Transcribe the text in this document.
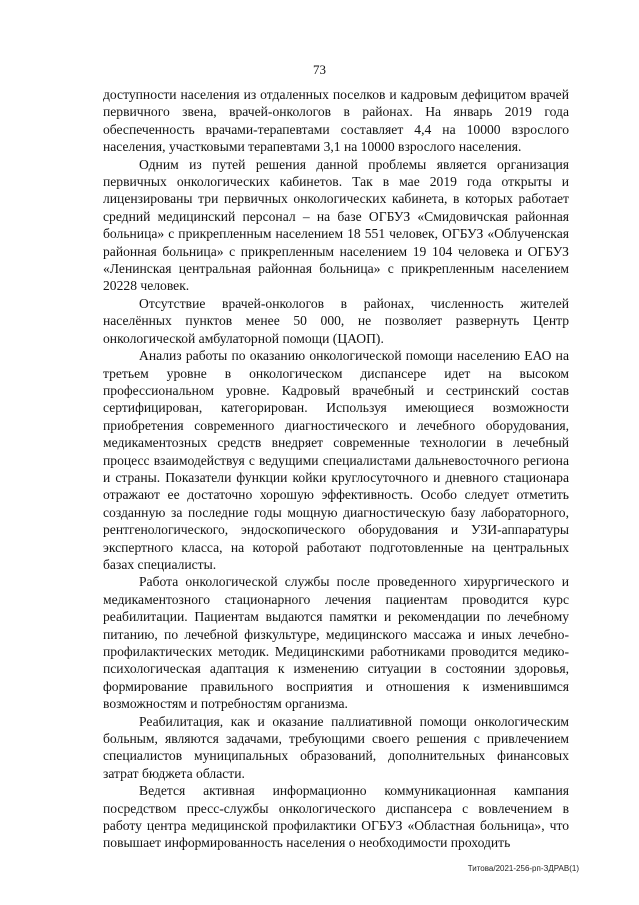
73

доступности населения из отдаленных поселков и кадровым дефицитом врачей первичного звена, врачей-онкологов в районах. На январь 2019 года обеспеченность врачами-терапевтами составляет 4,4 на 10000 взрослого населения, участковыми терапевтами 3,1 на 10000 взрослого населения.

Одним из путей решения данной проблемы является организация первичных онкологических кабинетов. Так в мае 2019 года открыты и лицензированы три первичных онкологических кабинета, в которых работает средний медицинский персонал – на базе ОГБУЗ «Смидовичская районная больница» с прикрепленным населением 18 551 человек, ОГБУЗ «Облученская районная больница» с прикрепленным населением 19 104 человека и ОГБУЗ «Ленинская центральная районная больница» с прикрепленным населением 20228 человек.

Отсутствие врачей-онкологов в районах, численность жителей населённых пунктов менее 50 000, не позволяет развернуть Центр онкологической амбулаторной помощи (ЦАОП).

Анализ работы по оказанию онкологической помощи населению ЕАО на третьем уровне в онкологическом диспансере идет на высоком профессиональном уровне. Кадровый врачебный и сестринский состав сертифицирован, категорирован. Используя имеющиеся возможности приобретения современного диагностического и лечебного оборудования, медикаментозных средств внедряет современные технологии в лечебный процесс взаимодействуя с ведущими специалистами дальневосточного региона и страны. Показатели функции койки круглосуточного и дневного стационара отражают ее достаточно хорошую эффективность. Особо следует отметить созданную за последние годы мощную диагностическую базу лабораторного, рентгенологического, эндоскопического оборудования и УЗИ-аппаратуры экспертного класса, на которой работают подготовленные на центральных базах специалисты.

Работа онкологической службы после проведенного хирургического и медикаментозного стационарного лечения пациентам проводится курс реабилитации. Пациентам выдаются памятки и рекомендации по лечебному питанию, по лечебной физкультуре, медицинского массажа и иных лечебно-профилактических методик. Медицинскими работниками проводится медико-психологическая адаптация к изменению ситуации в состоянии здоровья, формирование правильного восприятия и отношения к изменившимся возможностям и потребностям организма.

Реабилитация, как и оказание паллиативной помощи онкологическим больным, являются задачами, требующими своего решения с привлечением специалистов муниципальных образований, дополнительных финансовых затрат бюджета области.

Ведется активная информационно коммуникационная кампания посредством пресс-службы онкологического диспансера с вовлечением в работу центра медицинской профилактики ОГБУЗ «Областная больница», что повышает информированность населения о необходимости проходить

Титова/2021-256-рп-ЗДРАВ(1)
